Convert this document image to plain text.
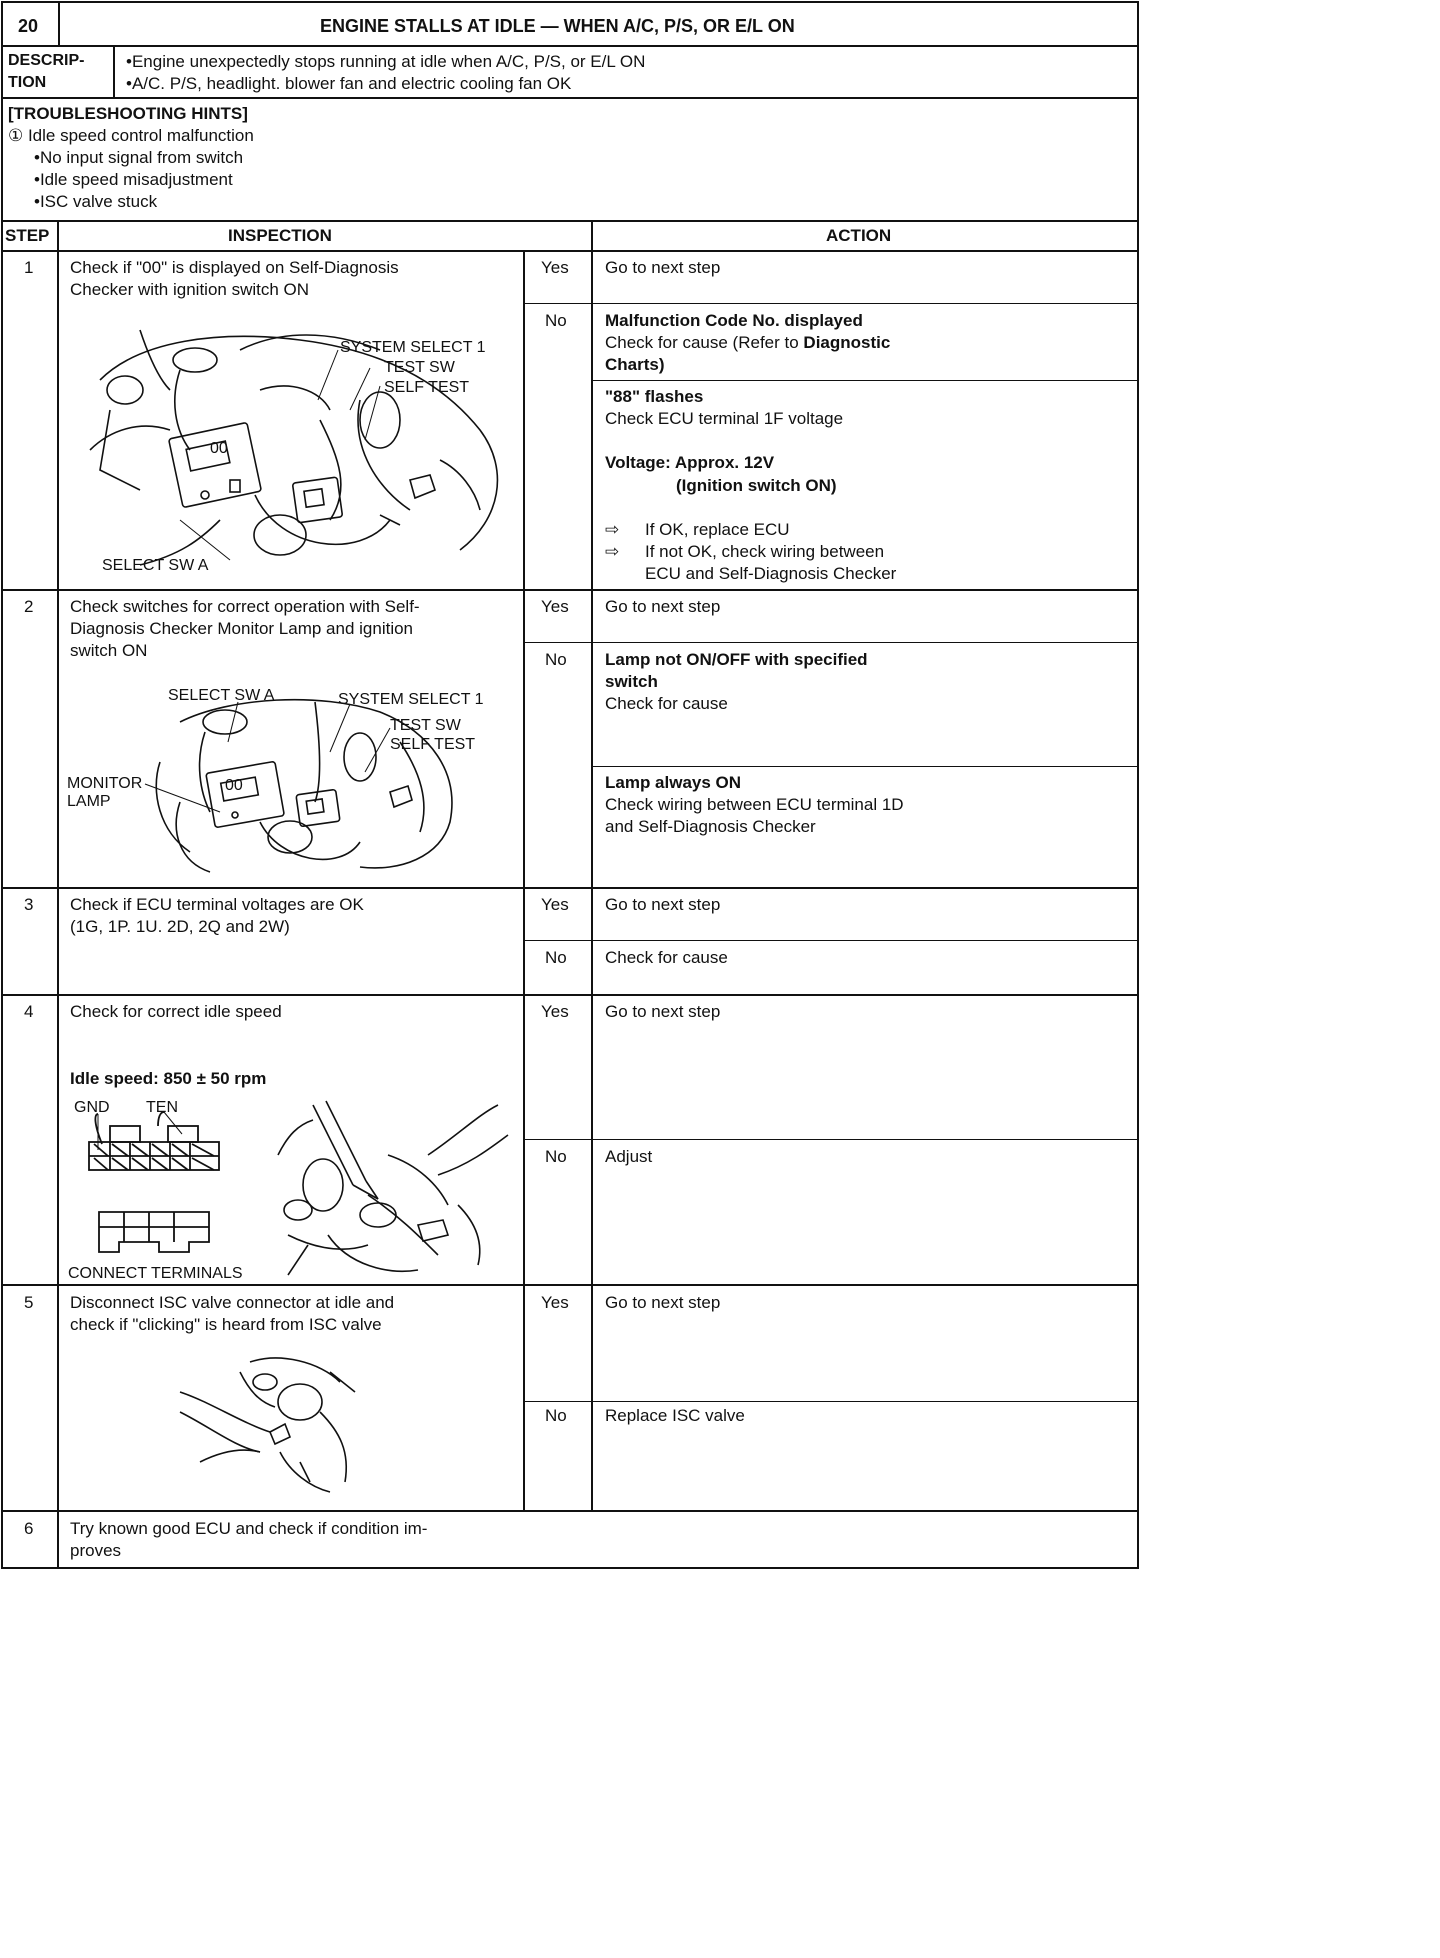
20	ENGINE STALLS AT IDLE — WHEN A/C, P/S, OR E/L ON
DESCRIP-
TION
•Engine unexpectedly stops running at idle when A/C, P/S, or E/L ON
•A/C. P/S, headlight. blower fan and electric cooling fan OK
[TROUBLESHOOTING HINTS]
① Idle speed control malfunction
•No input signal from switch
•Idle speed misadjustment
•ISC valve stuck
STEP	INSPECTION	ACTION
1 Check if "00" is displayed on Self-Diagnosis
Checker with ignition switch ON
00
SYSTEM SELECT 1
TEST SW
SELF TEST
SELECT SW A
Yes Go to next step
No Malfunction Code No. displayed
Check for cause (Refer to Diagnostic
Charts)
"88" flashes
Check ECU terminal 1F voltage
Voltage: Approx. 12V
(Ignition switch ON)
⇨ If OK, replace ECU
⇨ If not OK, check wiring between
ECU and Self-Diagnosis Checker
2 Check switches for correct operation with Self-
Diagnosis Checker Monitor Lamp and ignition
switch ON
00
SELECT SW A	SYSTEM SELECT 1
TEST SW
SELF TEST
MONITOR
LAMP
Yes Go to next step
No Lamp not ON/OFF with specified
switch
Check for cause
Lamp always ON
Check wiring between ECU terminal 1D
and Self-Diagnosis Checker
3 Check if ECU terminal voltages are OK
(1G, 1P. 1U. 2D, 2Q and 2W)
Yes Go to next step
No Check for cause
4 Check for correct idle speed
Idle speed: 850 ± 50 rpm
GND TEN
CONNECT TERMINALS
Yes Go to next step
No Adjust
5 Disconnect ISC valve connector at idle and
check if "clicking" is heard from ISC valve
Yes Go to next step
No Replace ISC valve
6 Try known good ECU and check if condition im-
proves
